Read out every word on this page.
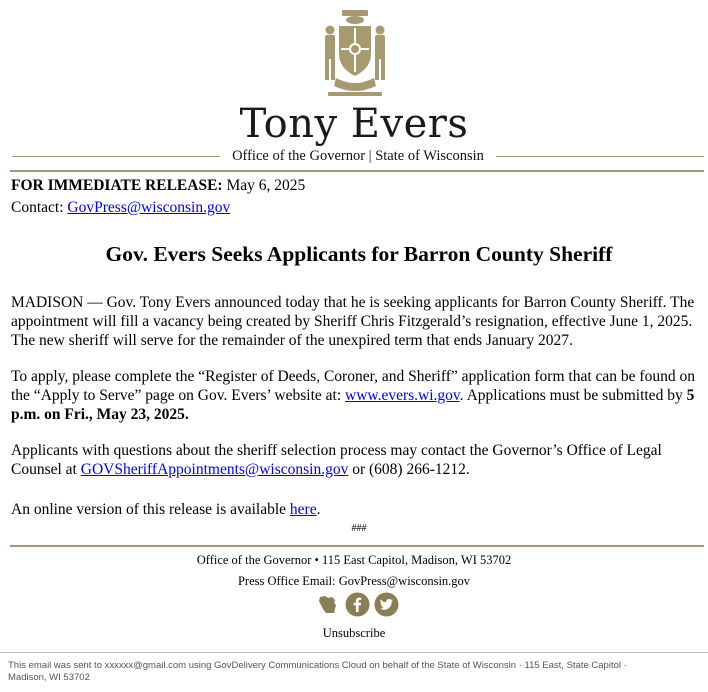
Tony Evers
Office of the Governor | State of Wisconsin
FOR IMMEDIATE RELEASE: May 6, 2025
Contact: GovPress@wisconsin.gov
Gov. Evers Seeks Applicants for Barron County Sheriff
MADISON — Gov. Tony Evers announced today that he is seeking applicants for Barron County Sheriff. The appointment will fill a vacancy being created by Sheriff Chris Fitzgerald’s resignation, effective June 1, 2025. The new sheriff will serve for the remainder of the unexpired term that ends January 2027.
To apply, please complete the “Register of Deeds, Coroner, and Sheriff” application form that can be found on the “Apply to Serve” page on Gov. Evers’ website at: www.evers.wi.gov. Applications must be submitted by 5 p.m. on Fri., May 23, 2025.
Applicants with questions about the sheriff selection process may contact the Governor’s Office of Legal Counsel at GOVSheriffAppointments@wisconsin.gov or (608) 266-1212.
An online version of this release is available here.
###
Office of the Governor • 115 East Capitol, Madison, WI 53702
Press Office Email: GovPress@wisconsin.gov
Unsubscribe
This email was sent to xxxxxx@gmail.com using GovDelivery Communications Cloud on behalf of the State of Wisconsin · 115 East, State Capitol · Madison, WI 53702
